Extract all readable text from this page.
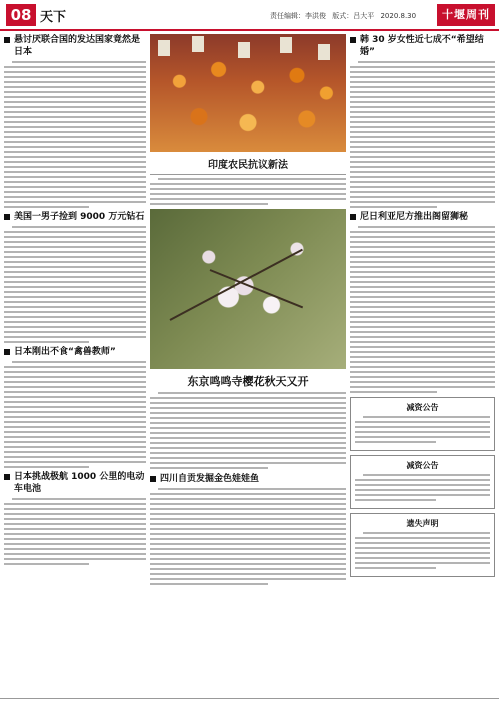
08 天下	责任编辑：李洪俊 版式：吕大平 2020.8.30	十堰周刊
悬讨厌联合国的发达国家竟然是日本
美国一男子捡到 9000 万元钻石
日本刚出不食“禽兽教师”
日本挑战极航 1000 公里的电动车电池
印度农民抗议新法
东京鸣鸣寺樱花秋天又开
四川自贡发掘金色娃娃鱼
韩 30 岁女性近七成不“希望结婚”
尼日利亚尼方推出阁留狮秘
减资公告
减资公告
遗失声明
